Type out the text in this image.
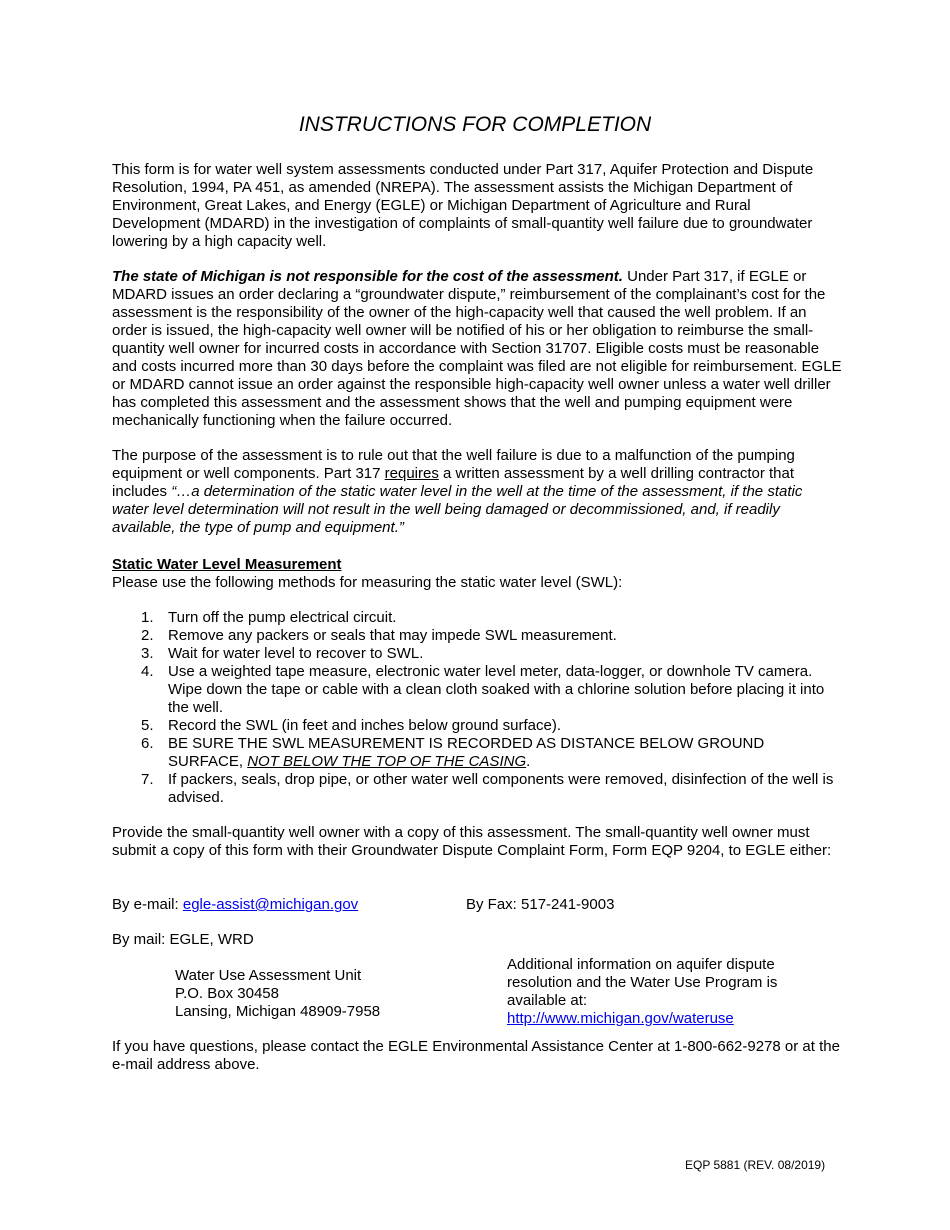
INSTRUCTIONS FOR COMPLETION

This form is for water well system assessments conducted under Part 317, Aquifer Protection and Dispute Resolution, 1994, PA 451, as amended (NREPA). The assessment assists the Michigan Department of Environment, Great Lakes, and Energy (EGLE) or Michigan Department of Agriculture and Rural Development (MDARD) in the investigation of complaints of small-quantity well failure due to groundwater lowering by a high capacity well.

The state of Michigan is not responsible for the cost of the assessment. Under Part 317, if EGLE or MDARD issues an order declaring a “groundwater dispute,” reimbursement of the complainant’s cost for the assessment is the responsibility of the owner of the high-capacity well that caused the well problem. If an order is issued, the high-capacity well owner will be notified of his or her obligation to reimburse the small-quantity well owner for incurred costs in accordance with Section 31707. Eligible costs must be reasonable and costs incurred more than 30 days before the complaint was filed are not eligible for reimbursement. EGLE or MDARD cannot issue an order against the responsible high-capacity well owner unless a water well driller has completed this assessment and the assessment shows that the well and pumping equipment were mechanically functioning when the failure occurred.

The purpose of the assessment is to rule out that the well failure is due to a malfunction of the pumping equipment or well components. Part 317 requires a written assessment by a well drilling contractor that includes “…a determination of the static water level in the well at the time of the assessment, if the static water level determination will not result in the well being damaged or decommissioned, and, if readily available, the type of pump and equipment.”

Static Water Level Measurement
Please use the following methods for measuring the static water level (SWL):
1. Turn off the pump electrical circuit.
2. Remove any packers or seals that may impede SWL measurement.
3. Wait for water level to recover to SWL.
4. Use a weighted tape measure, electronic water level meter, data-logger, or downhole TV camera. Wipe down the tape or cable with a clean cloth soaked with a chlorine solution before placing it into the well.
5. Record the SWL (in feet and inches below ground surface).
6. BE SURE THE SWL MEASUREMENT IS RECORDED AS DISTANCE BELOW GROUND SURFACE, NOT BELOW THE TOP OF THE CASING.
7. If packers, seals, drop pipe, or other water well components were removed, disinfection of the well is advised.

Provide the small-quantity well owner with a copy of this assessment. The small-quantity well owner must submit a copy of this form with their Groundwater Dispute Complaint Form, Form EQP 9204, to EGLE either:

By e-mail: egle-assist@michigan.gov	By Fax: 517-241-9003
By mail: EGLE, WRD
Water Use Assessment Unit
P.O. Box 30458
Lansing, Michigan 48909-7958
Additional information on aquifer dispute resolution and the Water Use Program is available at:
http://www.michigan.gov/wateruse

If you have questions, please contact the EGLE Environmental Assistance Center at 1-800-662-9278 or at the e-mail address above.

EQP 5881 (REV. 08/2019)
